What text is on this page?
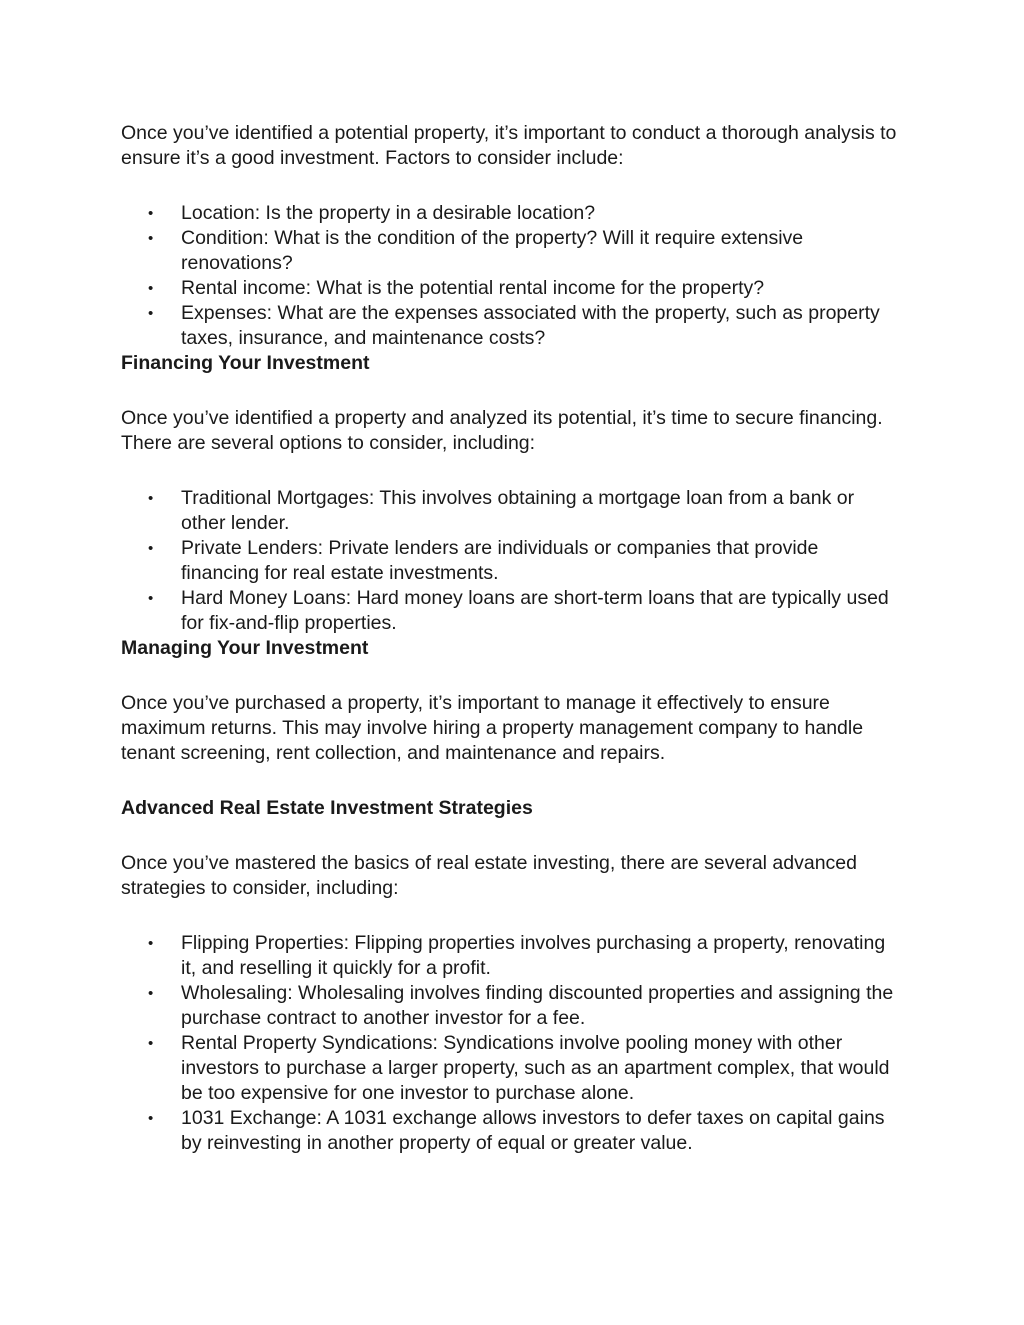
Once you’ve identified a potential property, it’s important to conduct a thorough analysis to ensure it’s a good investment. Factors to consider include:

• Location: Is the property in a desirable location?
• Condition: What is the condition of the property? Will it require extensive renovations?
• Rental income: What is the potential rental income for the property?
• Expenses: What are the expenses associated with the property, such as property taxes, insurance, and maintenance costs?
Financing Your Investment

Once you’ve identified a property and analyzed its potential, it’s time to secure financing. There are several options to consider, including:

• Traditional Mortgages: This involves obtaining a mortgage loan from a bank or other lender.
• Private Lenders: Private lenders are individuals or companies that provide financing for real estate investments.
• Hard Money Loans: Hard money loans are short-term loans that are typically used for fix-and-flip properties.
Managing Your Investment

Once you’ve purchased a property, it’s important to manage it effectively to ensure maximum returns. This may involve hiring a property management company to handle tenant screening, rent collection, and maintenance and repairs.

Advanced Real Estate Investment Strategies

Once you’ve mastered the basics of real estate investing, there are several advanced strategies to consider, including:

• Flipping Properties: Flipping properties involves purchasing a property, renovating it, and reselling it quickly for a profit.
• Wholesaling: Wholesaling involves finding discounted properties and assigning the purchase contract to another investor for a fee.
• Rental Property Syndications: Syndications involve pooling money with other investors to purchase a larger property, such as an apartment complex, that would be too expensive for one investor to purchase alone.
• 1031 Exchange: A 1031 exchange allows investors to defer taxes on capital gains by reinvesting in another property of equal or greater value.
